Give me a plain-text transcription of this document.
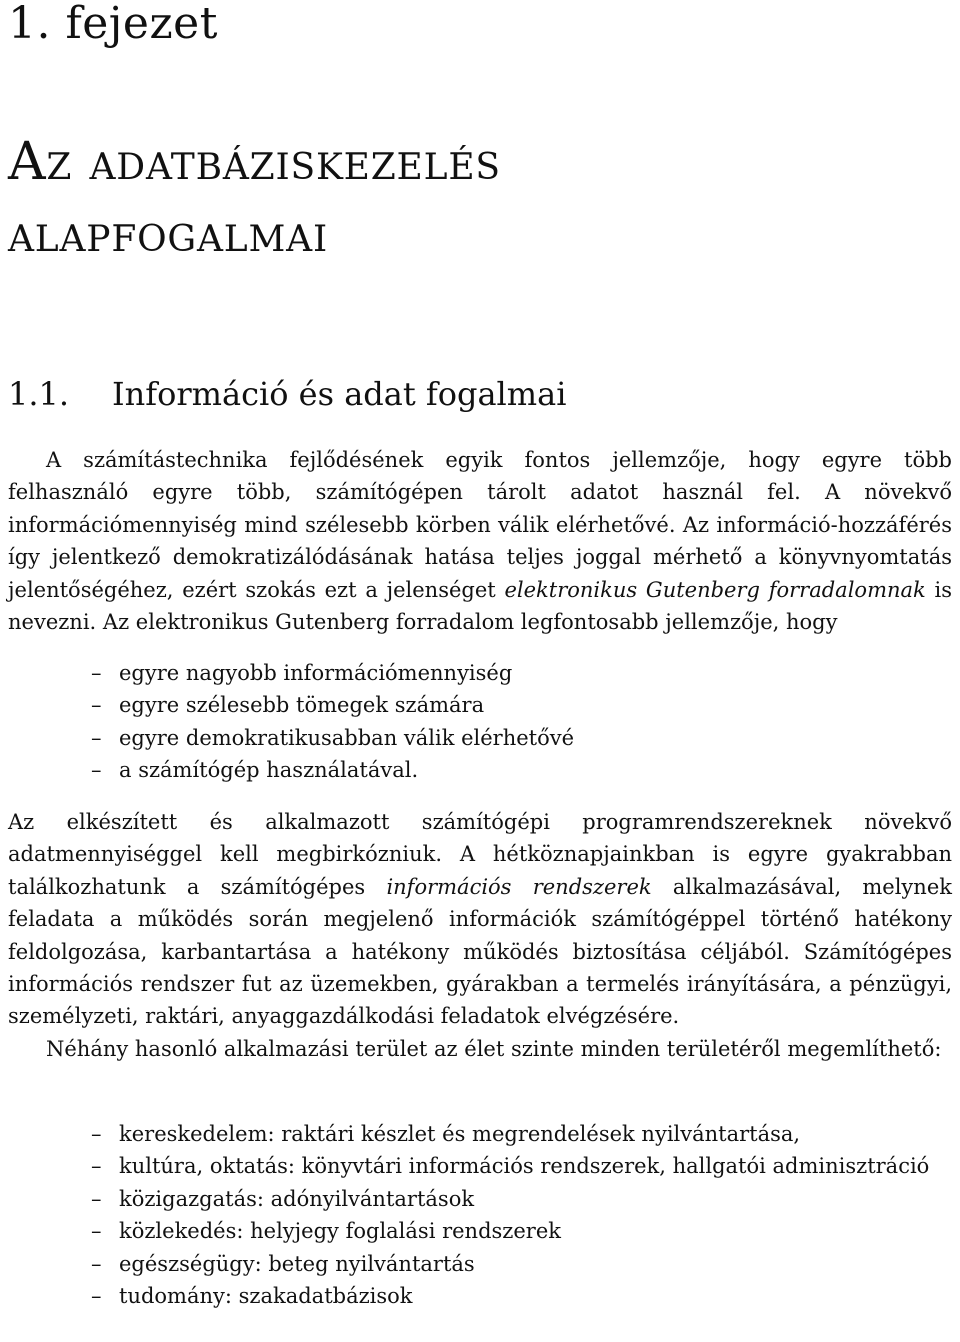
1. fejezet
Az adatbáziskezelés
alapfogalmai
1.1. Információ és adat fogalmai

A számítástechnika fejlődésének egyik fontos jellemzője, hogy egyre több felhasználó egyre több, számítógépen tárolt adatot használ fel. A növekvő információmennyiség mind szélesebb körben válik elérhetővé. Az információ-hozzáférés így jelentkező demokratizálódásának hatása teljes joggal mérhető a könyvnyomtatás jelentőségéhez, ezért szokás ezt a jelenséget elektronikus Gutenberg forradalomnak is nevezni. Az elektronikus Gutenberg forradalom legfontosabb jellemzője, hogy

– egyre nagyobb információmennyiség
– egyre szélesebb tömegek számára
– egyre demokratikusabban válik elérhetővé
– a számítógép használatával.

Az elkészített és alkalmazott számítógépi programrendszereknek növekvő adatmennyiséggel kell megbirkózniuk. A hétköznapjainkban is egyre gyakrabban találkozhatunk a számítógépes információs rendszerek alkalmazásával, melynek feladata a működés során megjelenő információk számítógéppel történő hatékony feldolgozása, karbantartása a hatékony működés biztosítása céljából. Számítógépes információs rendszer fut az üzemekben, gyárakban a termelés irányítására, a pénzügyi, személyzeti, raktári, anyaggazdálkodási feladatok elvégzésére.

Néhány hasonló alkalmazási terület az élet szinte minden területéről megemlíthető:

– kereskedelem: raktári készlet és megrendelések nyilvántartása,
– kultúra, oktatás: könyvtári információs rendszerek, hallgatói adminisztráció
– közigazgatás: adónyilvántartások
– közlekedés: helyjegy foglalási rendszerek
– egészségügy: beteg nyilvántartás
– tudomány: szakadatbázisok
